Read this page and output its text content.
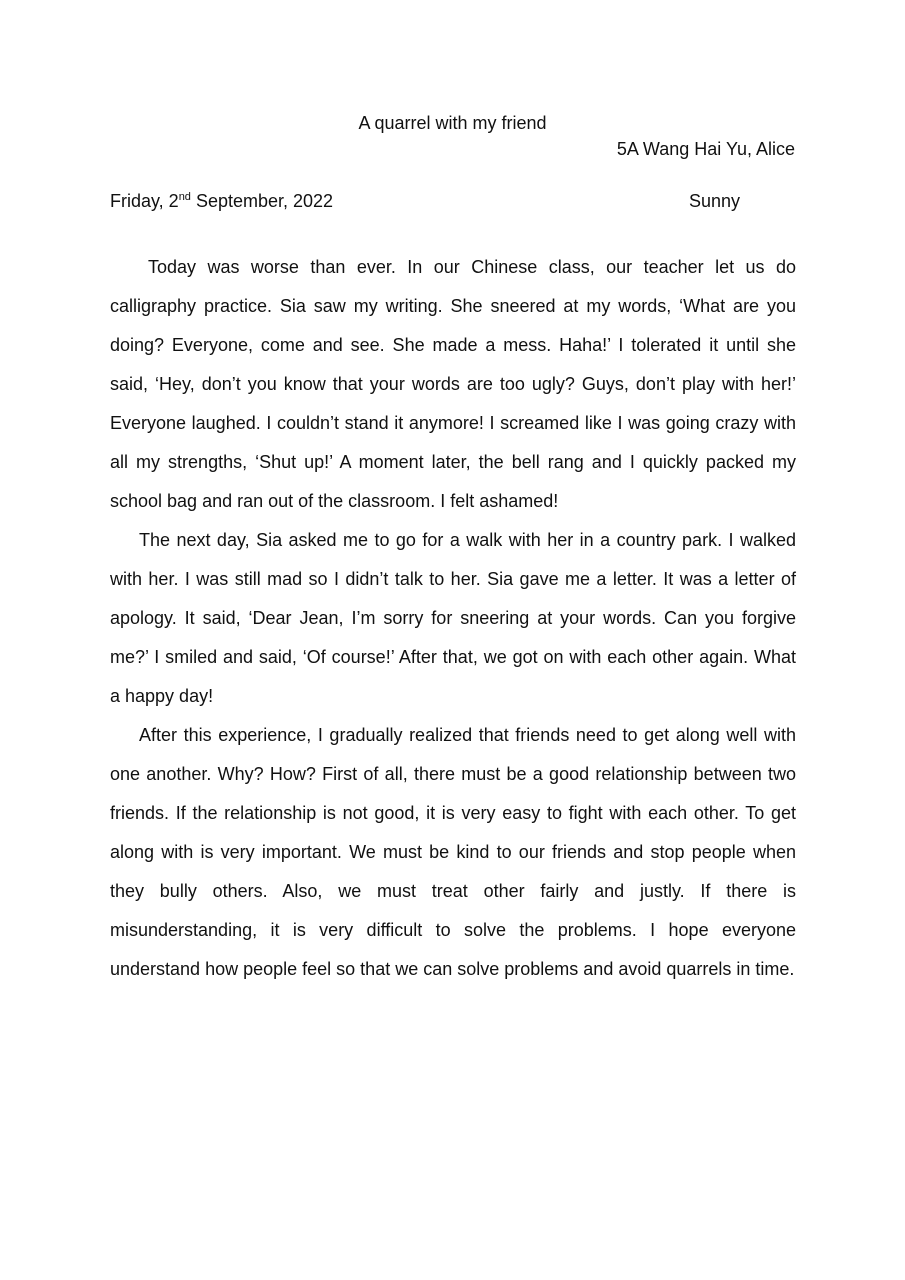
A quarrel with my friend
5A Wang Hai Yu, Alice
Friday, 2nd September, 2022	Sunny

Today was worse than ever. In our Chinese class, our teacher let us do calligraphy practice. Sia saw my writing. She sneered at my words, ‘What are you doing? Everyone, come and see. She made a mess. Haha!’ I tolerated it until she said, ‘Hey, don’t you know that your words are too ugly? Guys, don’t play with her!’ Everyone laughed. I couldn’t stand it anymore! I screamed like I was going crazy with all my strengths, ‘Shut up!’ A moment later, the bell rang and I quickly packed my school bag and ran out of the classroom. I felt ashamed!

The next day, Sia asked me to go for a walk with her in a country park. I walked with her. I was still mad so I didn’t talk to her. Sia gave me a letter. It was a letter of apology. It said, ‘Dear Jean, I’m sorry for sneering at your words. Can you forgive me?’ I smiled and said, ‘Of course!’ After that, we got on with each other again. What a happy day!

After this experience, I gradually realized that friends need to get along well with one another. Why? How? First of all, there must be a good relationship between two friends. If the relationship is not good, it is very easy to fight with each other. To get along with is very important. We must be kind to our friends and stop people when they bully others. Also, we must treat other fairly and justly. If there is misunderstanding, it is very difficult to solve the problems. I hope everyone understand how people feel so that we can solve problems and avoid quarrels in time.
